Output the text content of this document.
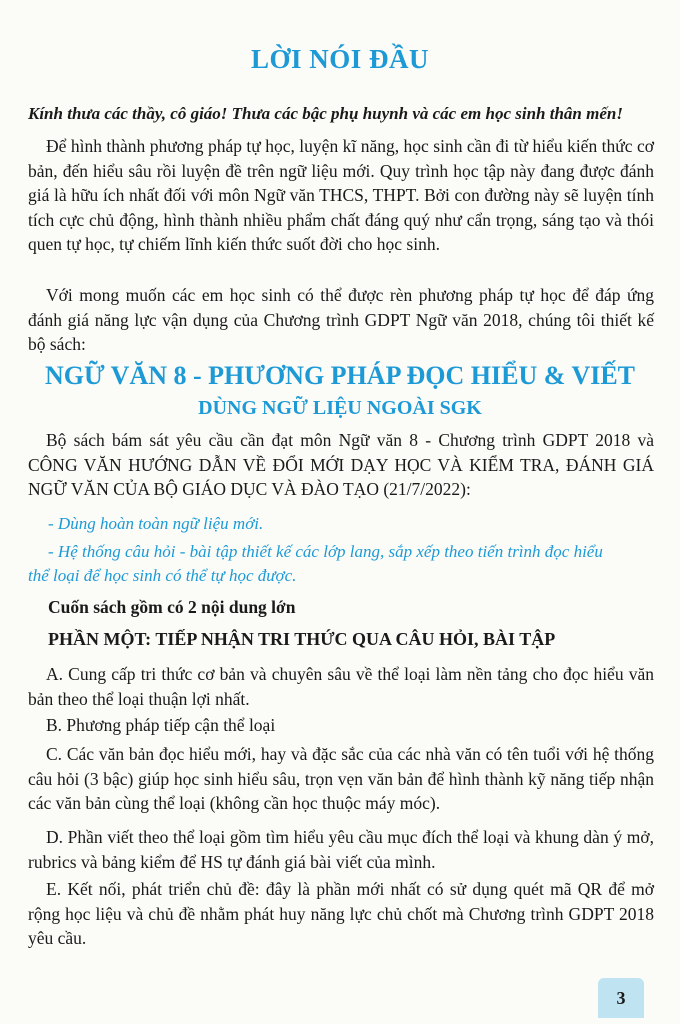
LỜI NÓI ĐẦU
Kính thưa các thầy, cô giáo! Thưa các bậc phụ huynh và các em học sinh thân mến!
Để hình thành phương pháp tự học, luyện kĩ năng, học sinh cần đi từ hiểu kiến thức cơ bản, đến hiểu sâu rồi luyện đề trên ngữ liệu mới. Quy trình học tập này đang được đánh giá là hữu ích nhất đối với môn Ngữ văn THCS, THPT. Bởi con đường này sẽ luyện tính tích cực chủ động, hình thành nhiều phẩm chất đáng quý như cẩn trọng, sáng tạo và thói quen tự học, tự chiếm lĩnh kiến thức suốt đời cho học sinh.
Với mong muốn các em học sinh có thể được rèn phương pháp tự học để đáp ứng đánh giá năng lực vận dụng của Chương trình GDPT Ngữ văn 2018, chúng tôi thiết kế bộ sách:
NGỮ VĂN 8 - PHƯƠNG PHÁP ĐỌC HIỂU & VIẾT
DÙNG NGỮ LIỆU NGOÀI SGK
Bộ sách bám sát yêu cầu cần đạt môn Ngữ văn 8 - Chương trình GDPT 2018 và CÔNG VĂN HƯỚNG DẪN VỀ ĐỔI MỚI DẠY HỌC VÀ KIỂM TRA, ĐÁNH GIÁ NGỮ VĂN CỦA BỘ GIÁO DỤC VÀ ĐÀO TẠO (21/7/2022):
- Dùng hoàn toàn ngữ liệu mới.
- Hệ thống câu hỏi - bài tập thiết kế các lớp lang, sắp xếp theo tiến trình đọc hiểu
thể loại để học sinh có thể tự học được.
Cuốn sách gồm có 2 nội dung lớn
PHẦN MỘT: TIẾP NHẬN TRI THỨC QUA CÂU HỎI, BÀI TẬP
A. Cung cấp tri thức cơ bản và chuyên sâu về thể loại làm nền tảng cho đọc hiểu văn bản theo thể loại thuận lợi nhất.
B. Phương pháp tiếp cận thể loại
C. Các văn bản đọc hiểu mới, hay và đặc sắc của các nhà văn có tên tuổi với hệ thống câu hỏi (3 bậc) giúp học sinh hiểu sâu, trọn vẹn văn bản để hình thành kỹ năng tiếp nhận các văn bản cùng thể loại (không cần học thuộc máy móc).
D. Phần viết theo thể loại gồm tìm hiểu yêu cầu mục đích thể loại và khung dàn ý mở, rubrics và bảng kiểm để HS tự đánh giá bài viết của mình.
E. Kết nối, phát triển chủ đề: đây là phần mới nhất có sử dụng quét mã QR để mở rộng học liệu và chủ đề nhằm phát huy năng lực chủ chốt mà Chương trình GDPT 2018 yêu cầu.
3
